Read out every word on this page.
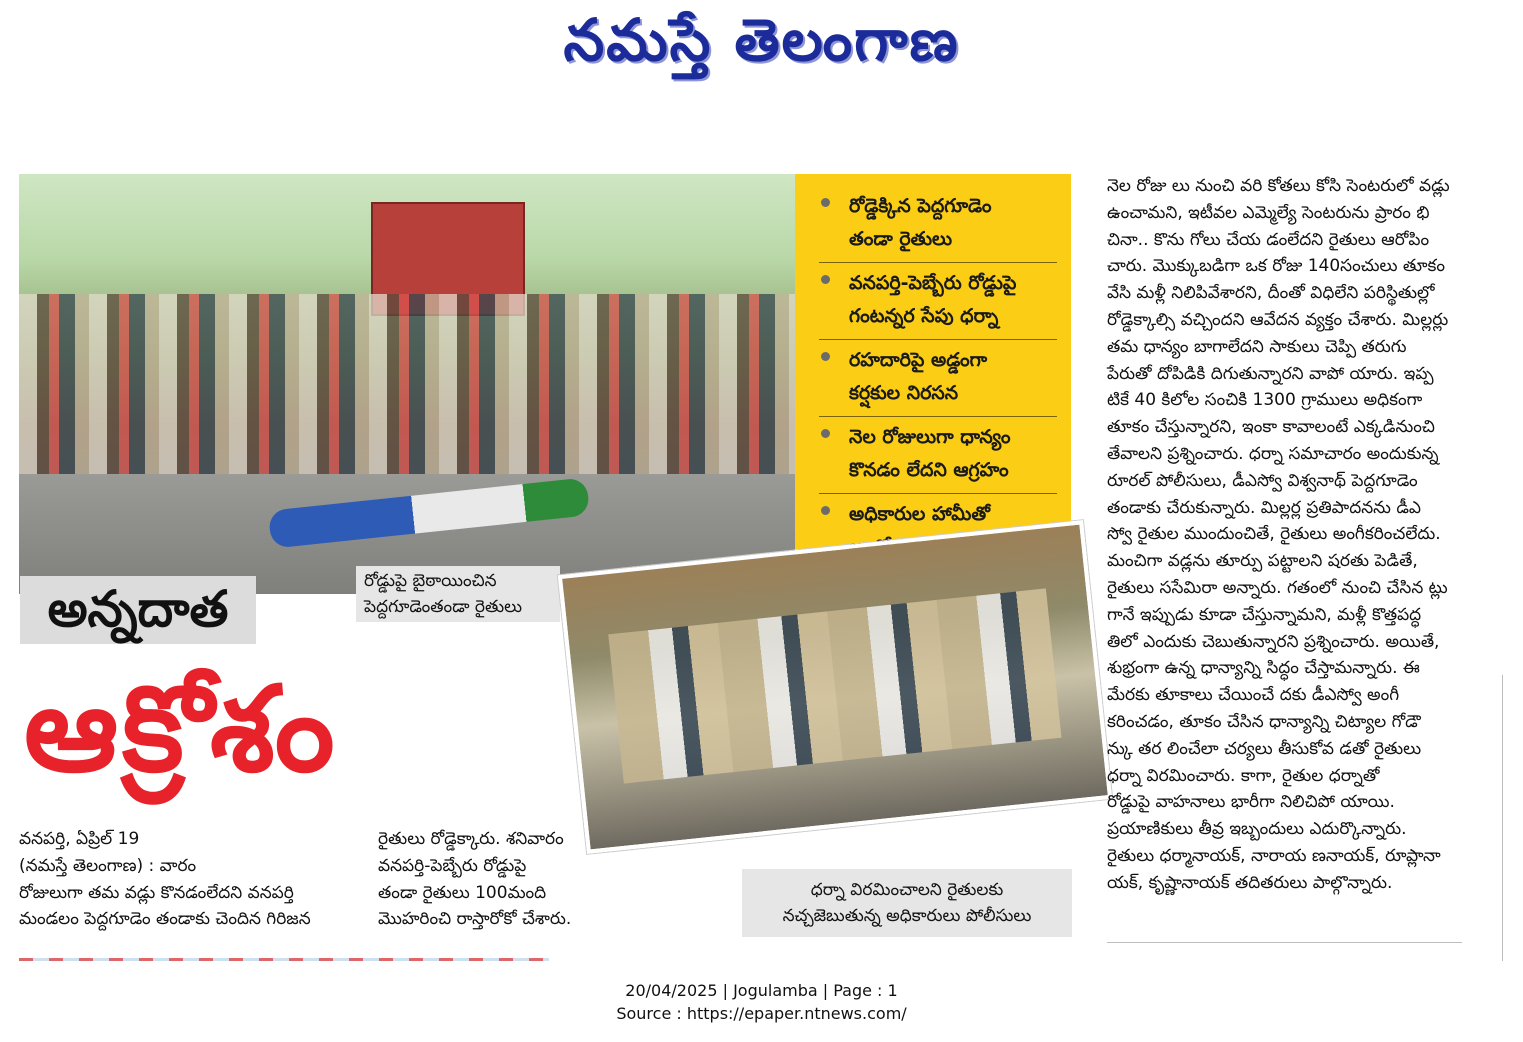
నమస్తే తెలంగాణ
రోడ్డుపై బైఠాయించిన
పెద్దగూడెంతండా రైతులు
రోడ్డెక్కిన పెద్దగూడెం
తండా రైతులు
వనపర్తి-పెబ్బేరు రోడ్డుపై
గంటన్నర సేపు ధర్నా
రహదారిపై అడ్డంగా
కర్షకుల నిరసన
నెల రోజులుగా ధాన్యం
కొనడం లేదని ఆగ్రహం
అధికారుల హామీతో
ధర్నా విరమించాలని రైతులకు
నచ్చజెబుతున్న అధికారులు పోలీసులు
అన్నదాత
ఆక్రోశం

వనపర్తి, ఏప్రిల్ 19

(నమస్తే తెలంగాణ) : వారం

రోజులుగా తమ వడ్లు కొనడంలేదని వనపర్తి

మండలం పెద్దగూడెం తండాకు చెందిన గిరిజన

రైతులు రోడ్డెక్కారు. శనివారం

వనపర్తి-పెబ్బేరు రోడ్డుపై

తండా రైతులు 100మంది

మొహరించి రాస్తారోకో చేశారు.

నెల రోజు లు నుంచి వరి కోతలు కోసి సెంటరులో వడ్లు

ఉంచామని, ఇటీవల ఎమ్మెల్యే సెంటరును ప్రారం భి

చినా.. కొను గోలు చేయ డంలేదని రైతులు ఆరోపిం

చారు. మొక్కుబడిగా ఒక రోజు 140సంచులు తూకం

వేసి మళ్లీ నిలిపివేశారని, దీంతో విధిలేని పరిస్థితుల్లో

రోడ్డెక్కాల్సి వచ్చిందని ఆవేదన వ్యక్తం చేశారు. మిల్లర్లు

తమ ధాన్యం బాగాలేదని సాకులు చెప్పి తరుగు

పేరుతో దోపిడికి దిగుతున్నారని వాపో యారు. ఇప్ప

టికే 40 కిలోల సంచికి 1300 గ్రాములు అధికంగా

తూకం చేస్తున్నారని, ఇంకా కావాలంటే ఎక్కడినుంచి

తేవాలని ప్రశ్నించారు. ధర్నా సమాచారం అందుకున్న

రూరల్ పోలీసులు, డీఎస్వో విశ్వనాథ్ పెద్దగూడెం

తండాకు చేరుకున్నారు. మిల్లర్ల ప్రతిపాదనను డీఎ

స్వో రైతుల ముందుంచితే, రైతులు అంగీకరించలేదు.

మంచిగా వడ్లను తూర్పు పట్టాలని షరతు పెడితే,

రైతులు ససేమిరా అన్నారు. గతంలో నుంచి చేసిన ట్లు

గానే ఇప్పుడు కూడా చేస్తున్నామని, మళ్లీ కొత్తపద్ధ

తిలో ఎందుకు చెబుతున్నారని ప్రశ్నించారు. అయితే,

శుభ్రంగా ఉన్న ధాన్యాన్ని సిద్ధం చేస్తామన్నారు. ఈ

మేరకు తూకాలు చేయించే దకు డీఎస్వో అంగీ

కరించడం, తూకం చేసిన ధాన్యాన్ని చిట్యాల గోడౌ

న్కు తర లించేలా చర్యలు తీసుకోవ డతో రైతులు

ధర్నా విరమించారు. కాగా, రైతుల ధర్నాతో

రోడ్డుపై వాహనాలు భారీగా నిలిచిపో యాయి.

ప్రయాణికులు తీవ్ర ఇబ్బందులు ఎదుర్కొన్నారు.

రైతులు ధర్మానాయక్, నారాయ ణనాయక్, రూప్లానా

యక్, కృష్ణానాయక్ తదితరులు పాల్గొన్నారు.

20/04/2025 | Jogulamba | Page : 1
Source : https://epaper.ntnews.com/
